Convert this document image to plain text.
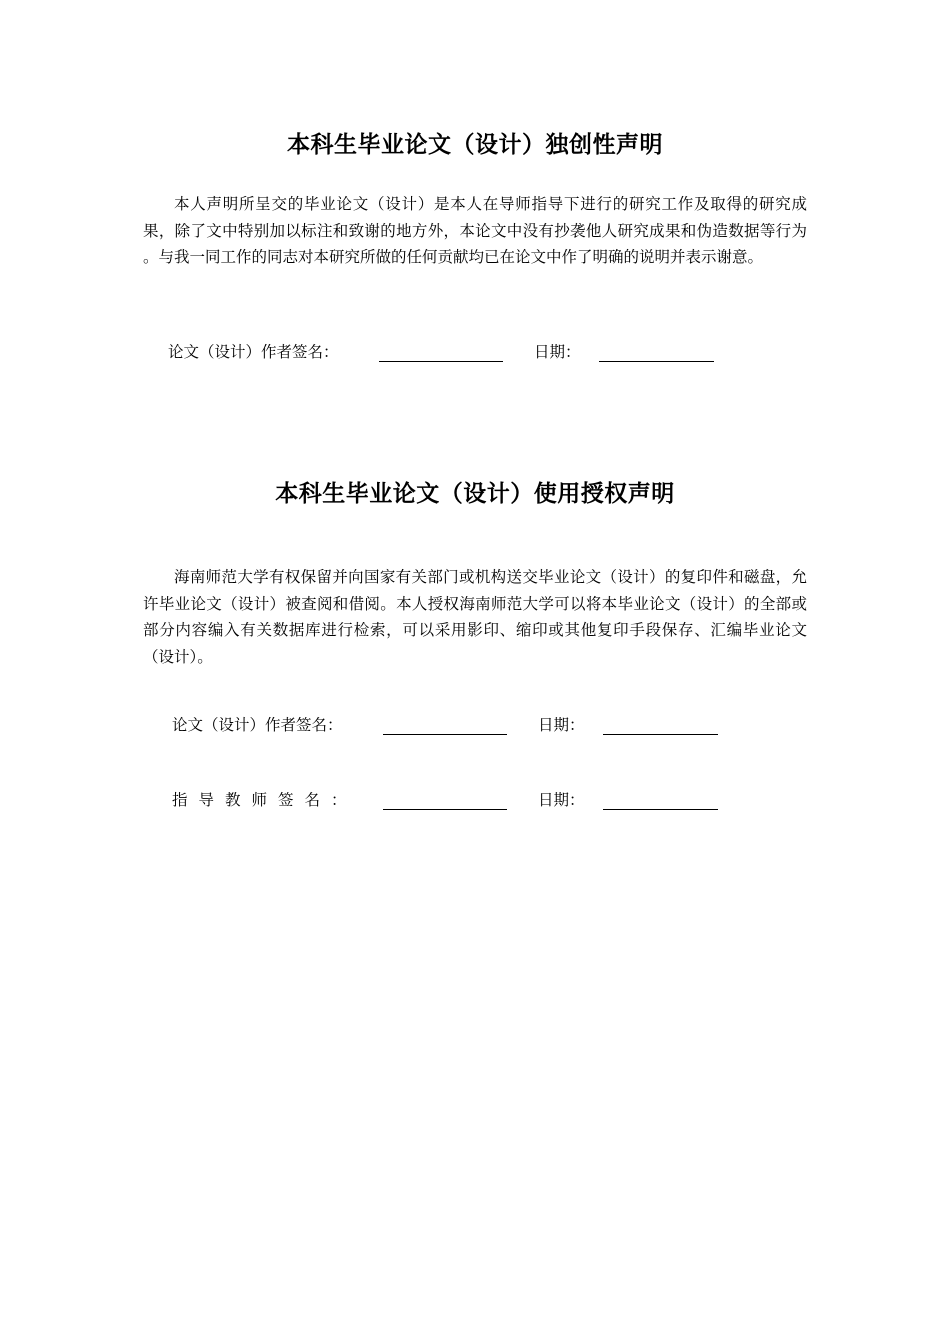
本科生毕业论文（设计）独创性声明

本人声明所呈交的毕业论文（设计）是本人在导师指导下进行的研究工作及取得的研究成果，除了文中特别加以标注和致谢的地方外，本论文中没有抄袭他人研究成果和伪造数据等行为 。与我一同工作的同志对本研究所做的任何贡献均已在论文中作了明确的说明并表示谢意。

论文（设计）作者签名：	日期：
本科生毕业论文（设计）使用授权声明

海南师范大学有权保留并向国家有关部门或机构送交毕业论文（设计）的复印件和磁盘，允许毕业论文（设计）被查阅和借阅。本人授权海南师范大学可以将本毕业论文（设计）的全部或部分内容编入有关数据库进行检索，可以采用影印、缩印或其他复印手段保存、汇编毕业论文（设计）。

论文（设计）作者签名：	日期：
指导教师签名：	日期：
